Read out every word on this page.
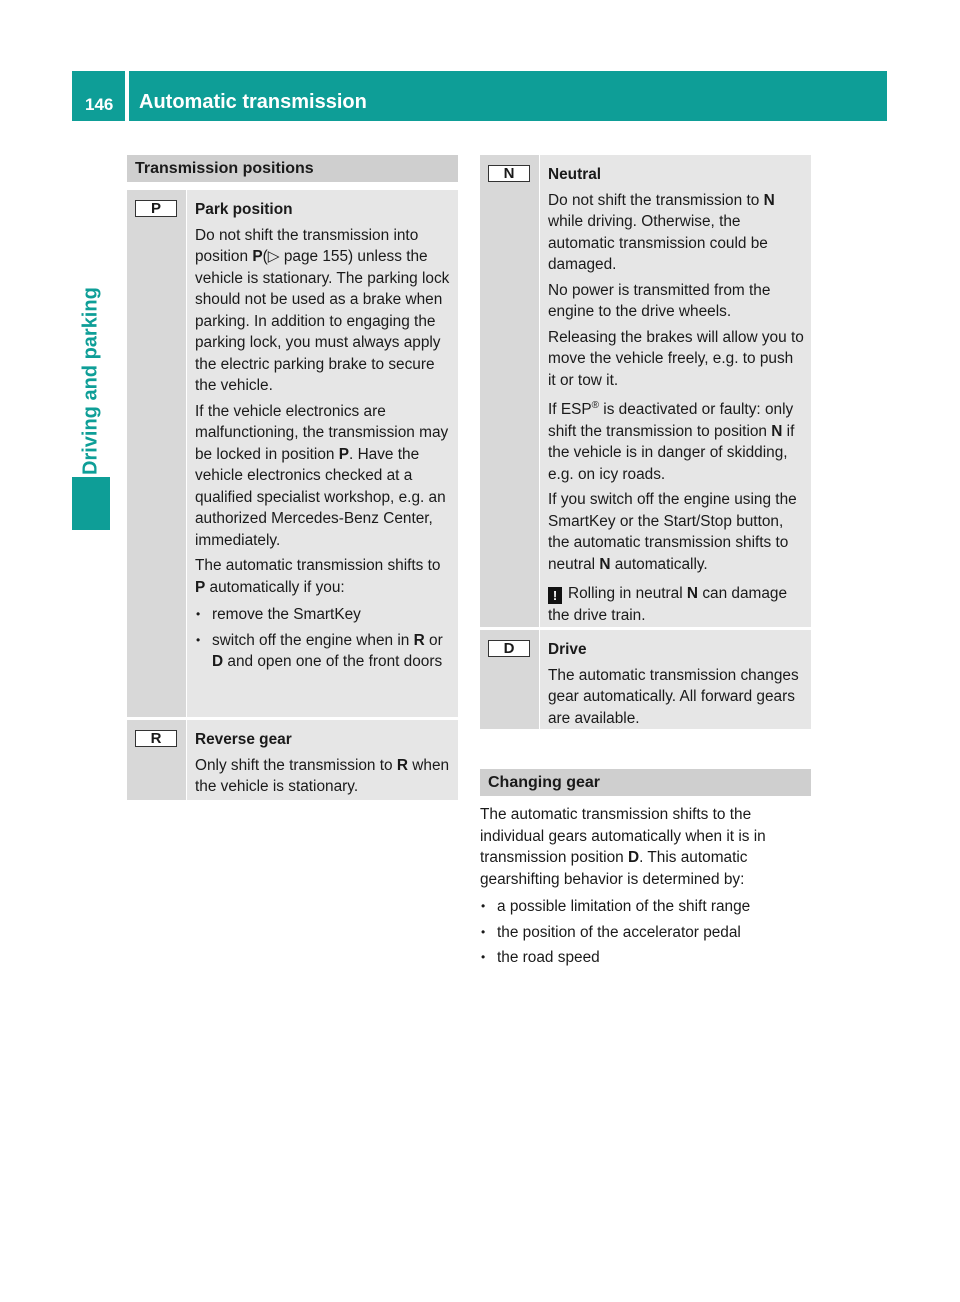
146 Automatic transmission
Driving and parking
Transmission positions
P	Park position

Do not shift the transmission into position P(▷ page 155) unless the vehicle is stationary. The parking lock should not be used as a brake when parking. In addition to engaging the parking lock, you must always apply the electric parking brake to secure the vehicle.

If the vehicle electronics are malfunctioning, the transmission may be locked in position P. Have the vehicle electronics checked at a qualified specialist workshop, e.g. an authorized Mercedes-Benz Center, immediately.

The automatic transmission shifts to P automatically if you:

• remove the SmartKey
• switch off the engine when in R or D and open one of the front doors
R	Reverse gear

Only shift the transmission to R when the vehicle is stationary.

N	Neutral

Do not shift the transmission to N while driving. Otherwise, the automatic transmission could be damaged.

No power is transmitted from the engine to the drive wheels.

Releasing the brakes will allow you to move the vehicle freely, e.g. to push it or tow it.

If ESP® is deactivated or faulty: only shift the transmission to position N if the vehicle is in danger of skidding, e.g. on icy roads.

If you switch off the engine using the SmartKey or the Start/Stop button, the automatic transmission shifts to neutral N automatically.

! Rolling in neutral N can damage the drive train.

D	Drive

The automatic transmission changes gear automatically. All forward gears are available.

Changing gear

The automatic transmission shifts to the individual gears automatically when it is in transmission position D. This automatic gearshifting behavior is determined by:

• a possible limitation of the shift range
• the position of the accelerator pedal
• the road speed
